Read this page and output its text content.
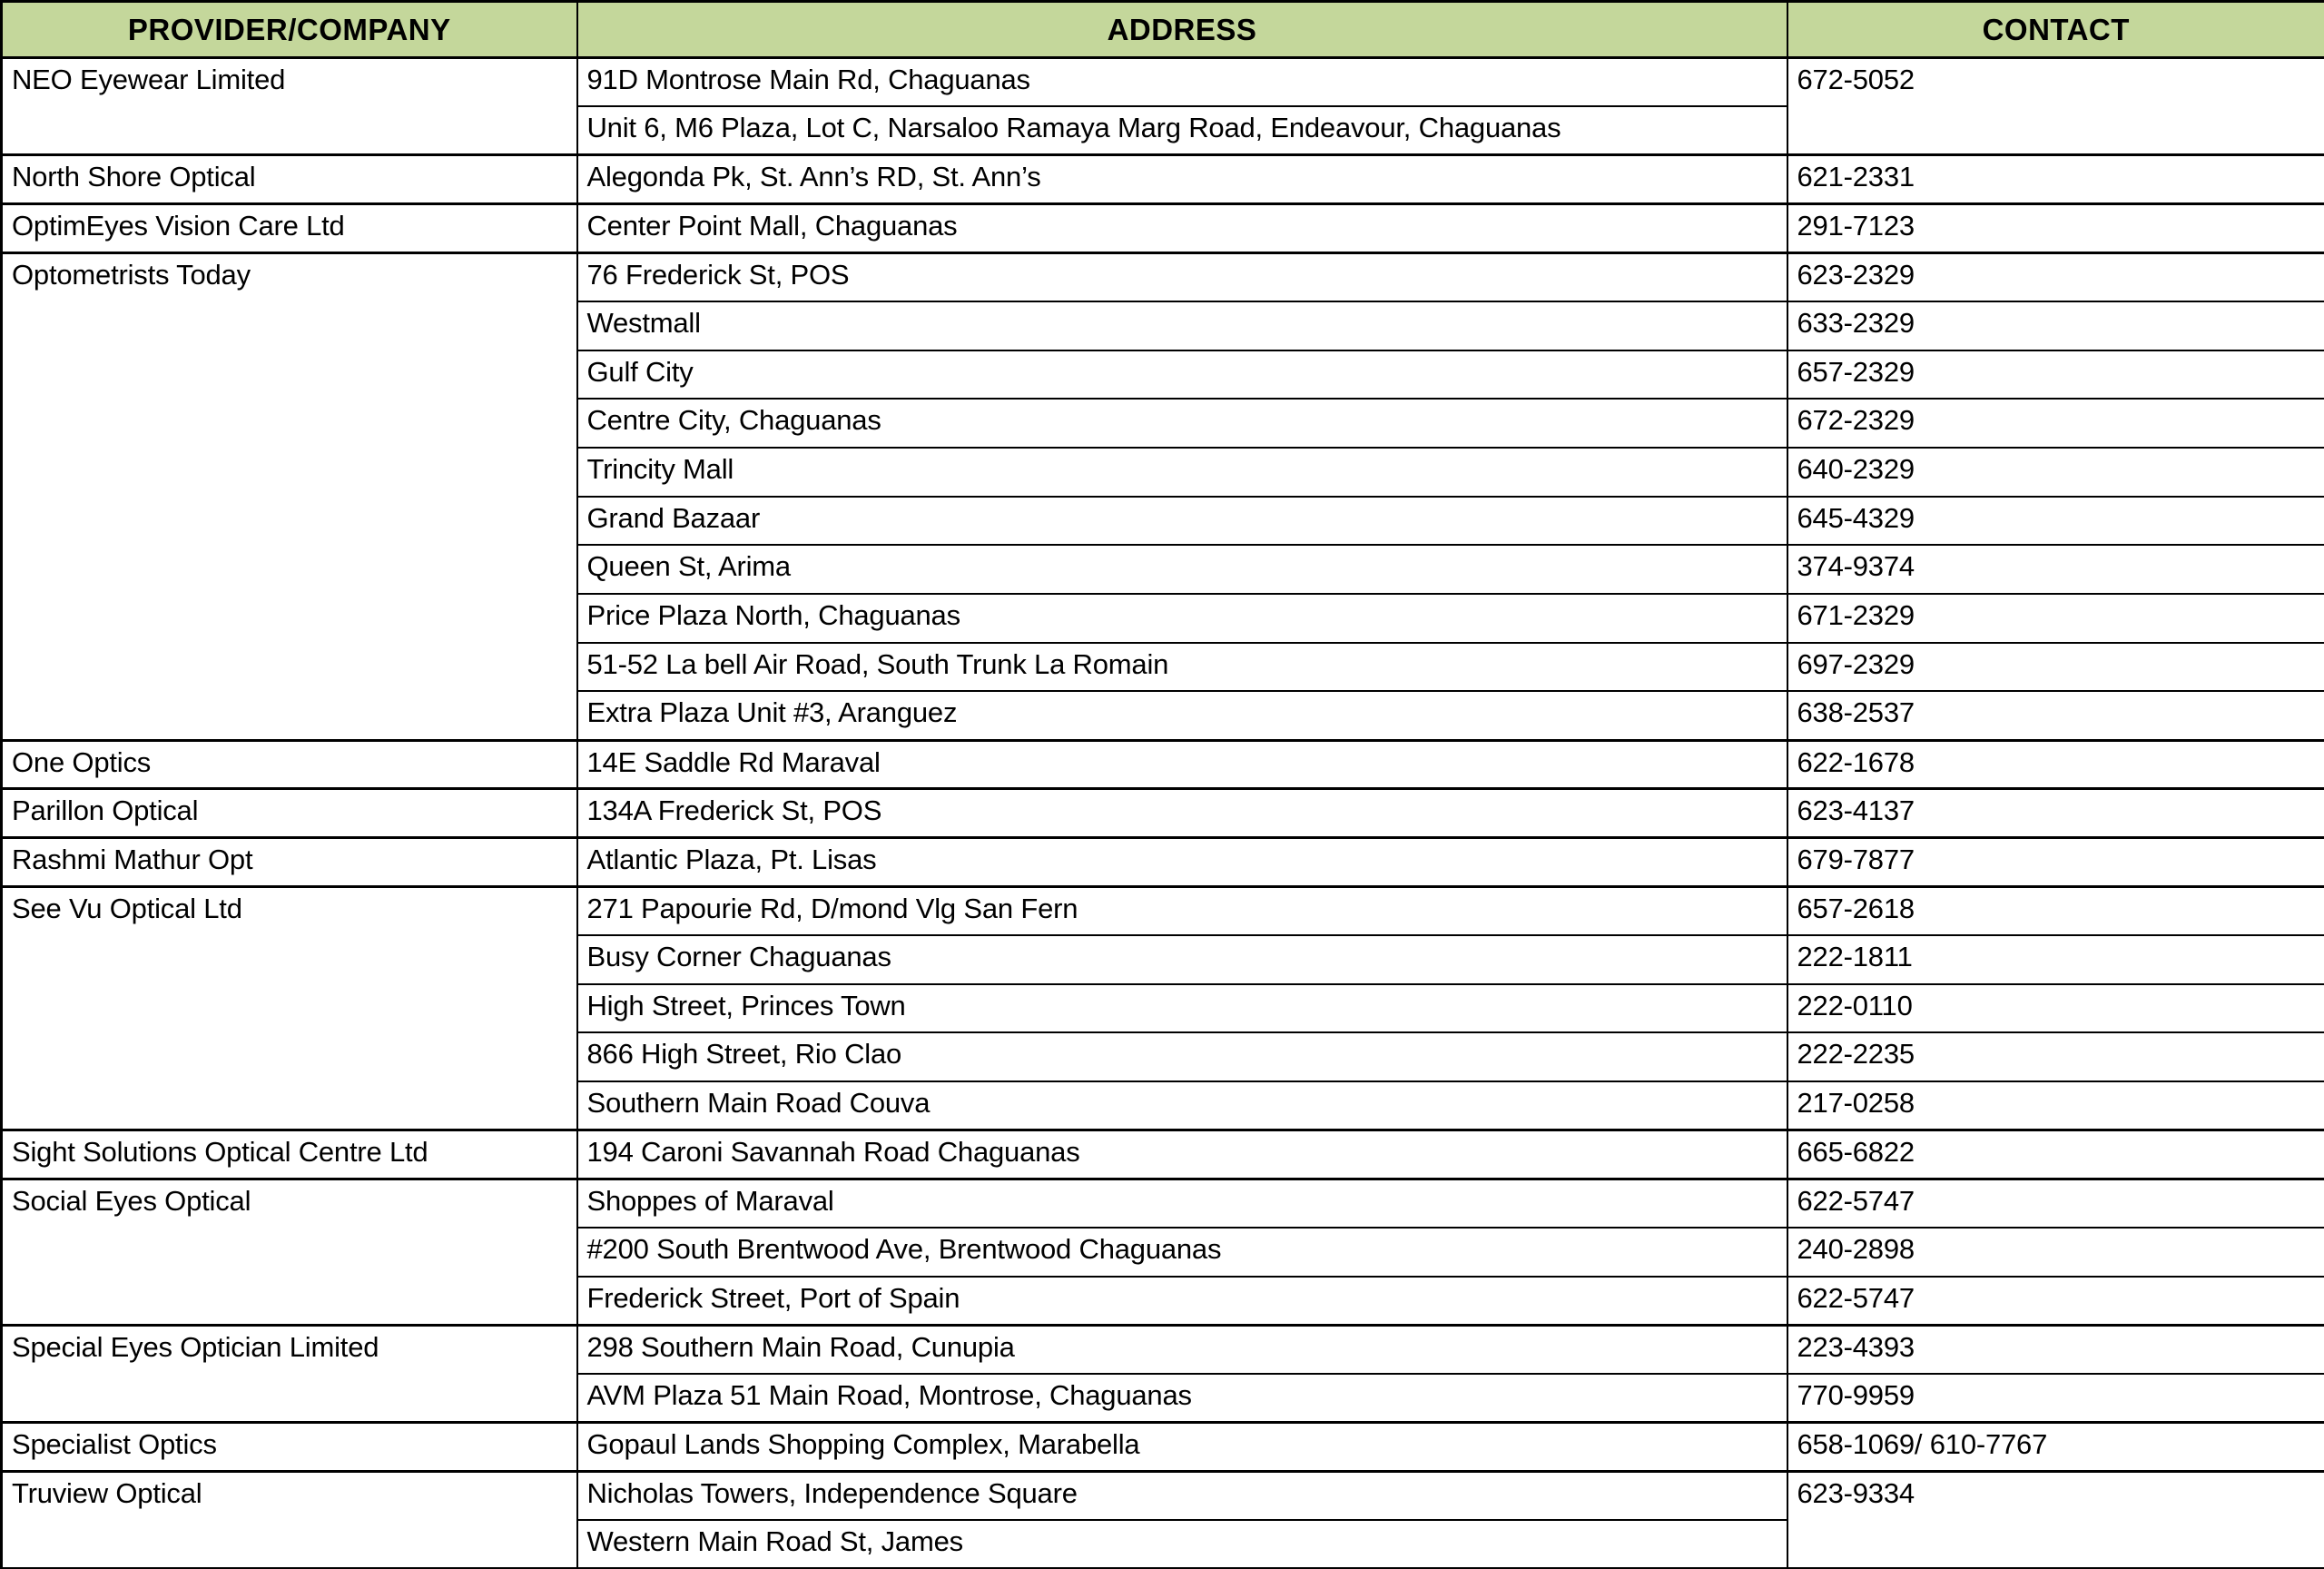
PROVIDER/COMPANY	ADDRESS	CONTACT
NEO Eyewear Limited	91D Montrose Main Rd, Chaguanas	672-5052
	Unit 6, M6 Plaza, Lot C, Narsaloo Ramaya Marg Road, Endeavour, Chaguanas	
North Shore Optical	Alegonda Pk, St. Ann’s RD, St. Ann’s	621-2331
OptimEyes Vision Care Ltd	Center Point Mall, Chaguanas	291-7123
Optometrists Today	76 Frederick St, POS	623-2329
	Westmall	633-2329
	Gulf City	657-2329
	Centre City, Chaguanas	672-2329
	Trincity Mall	640-2329
	Grand Bazaar	645-4329
	Queen St, Arima	374-9374
	Price Plaza North, Chaguanas	671-2329
	51-52 La bell Air Road, South Trunk La Romain	697-2329
	Extra Plaza Unit #3, Aranguez	638-2537
One Optics	14E Saddle Rd Maraval	622-1678
Parillon Optical	134A Frederick St, POS	623-4137
Rashmi Mathur Opt	Atlantic Plaza, Pt. Lisas	679-7877
See Vu Optical Ltd	271 Papourie Rd, D/mond Vlg San Fern	657-2618
	Busy Corner Chaguanas	222-1811
	High Street, Princes Town	222-0110
	866 High Street, Rio Clao	222-2235
	Southern Main Road Couva	217-0258
Sight Solutions Optical Centre Ltd	194 Caroni Savannah Road Chaguanas	665-6822
Social Eyes Optical	Shoppes of Maraval	622-5747
	#200 South Brentwood Ave, Brentwood Chaguanas	240-2898
	Frederick Street, Port of Spain	622-5747
Special Eyes Optician Limited	298 Southern Main Road, Cunupia	223-4393
	AVM Plaza 51 Main Road, Montrose, Chaguanas	770-9959
Specialist Optics	Gopaul Lands Shopping Complex, Marabella	658-1069/ 610-7767
Truview Optical	Nicholas Towers, Independence Square	623-9334
	Western Main Road St, James	
